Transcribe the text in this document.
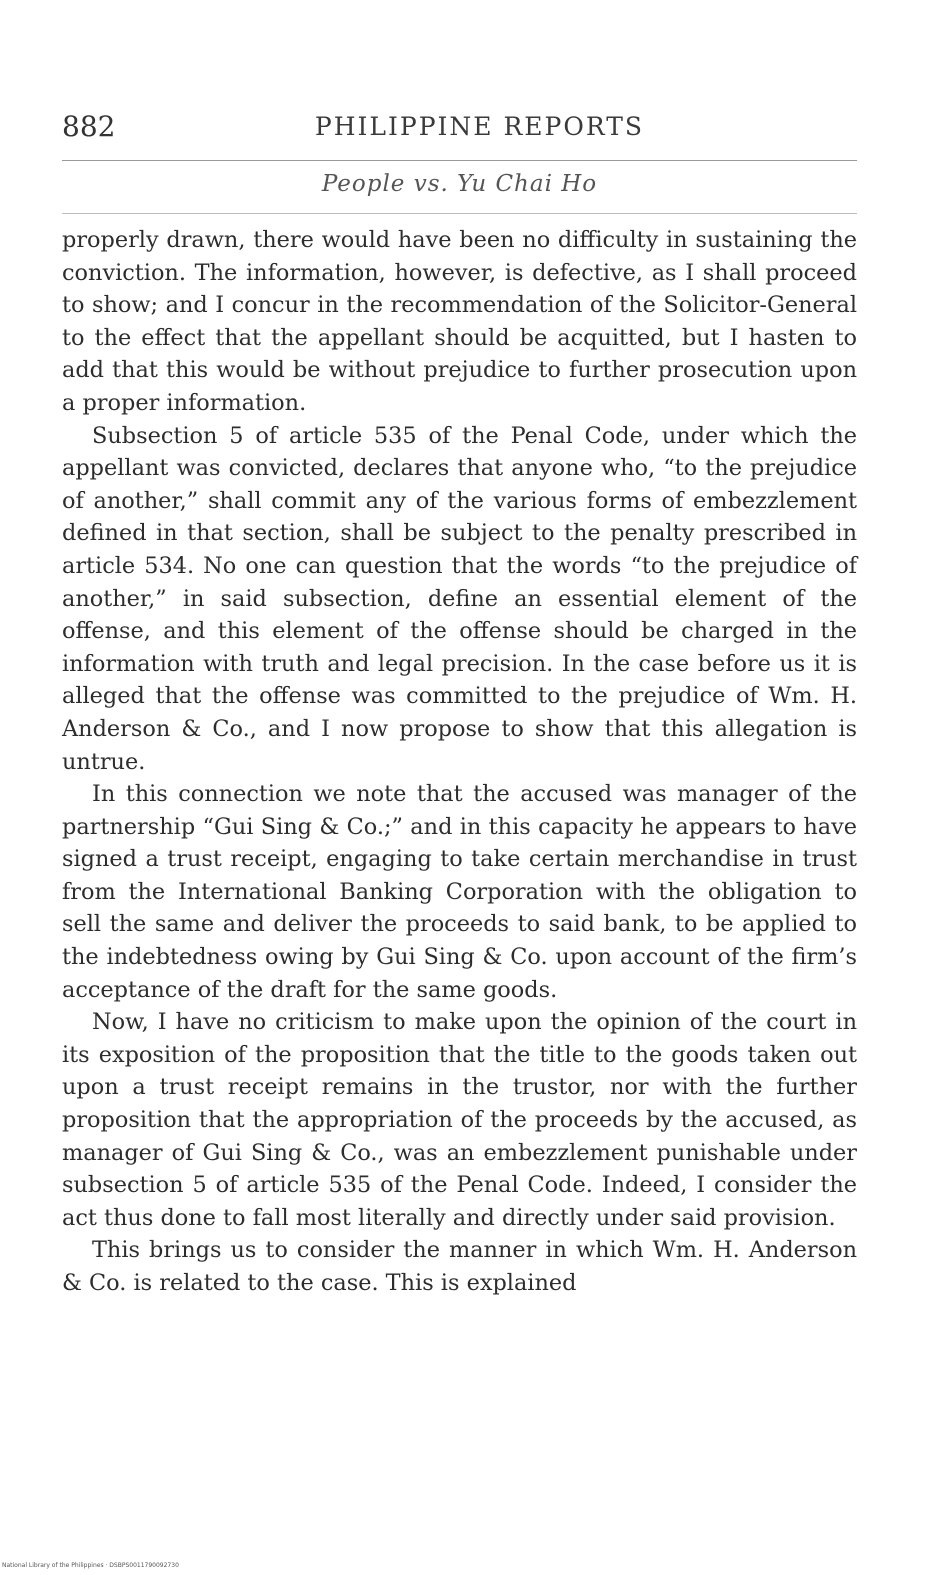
882	PHILIPPINE REPORTS
People vs. Yu Chai Ho

properly drawn, there would have been no difficulty in sustaining the conviction. The information, however, is defective, as I shall proceed to show; and I concur in the recommendation of the Solicitor-General to the effect that the appellant should be acquitted, but I hasten to add that this would be without prejudice to further prosecution upon a proper information.

Subsection 5 of article 535 of the Penal Code, under which the appellant was convicted, declares that anyone who, “to the prejudice of another,” shall commit any of the various forms of embezzlement defined in that section, shall be subject to the penalty prescribed in article 534. No one can question that the words “to the prejudice of another,” in said subsection, define an essential element of the offense, and this element of the offense should be charged in the information with truth and legal precision. In the case before us it is alleged that the offense was committed to the prejudice of Wm. H. Anderson & Co., and I now propose to show that this allegation is untrue.

In this connection we note that the accused was manager of the partnership “Gui Sing & Co.;” and in this capacity he appears to have signed a trust receipt, engaging to take certain merchandise in trust from the International Banking Corporation with the obligation to sell the same and deliver the proceeds to said bank, to be applied to the indebtedness owing by Gui Sing & Co. upon account of the firm’s acceptance of the draft for the same goods.

Now, I have no criticism to make upon the opinion of the court in its exposition of the proposition that the title to the goods taken out upon a trust receipt remains in the trustor, nor with the further proposition that the appropriation of the proceeds by the accused, as manager of Gui Sing & Co., was an embezzlement punishable under subsection 5 of article 535 of the Penal Code. Indeed, I consider the act thus done to fall most literally and directly under said provision.

This brings us to consider the manner in which Wm. H. Anderson & Co. is related to the case. This is explained

National Library of the Philippines · DSBPS0011790092730
